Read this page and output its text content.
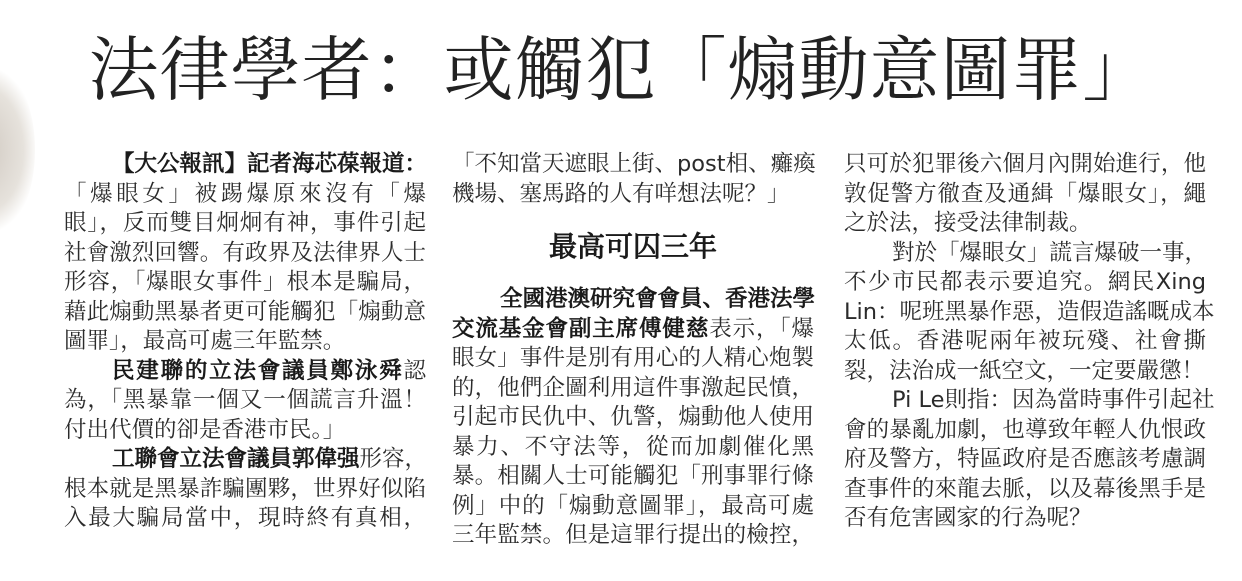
法律學者：或觸犯「煽動意圖罪」
【大公報訊】記者海芯葆報道：
「爆眼女」被踢爆原來沒有「爆
眼」，反而雙目炯炯有神，事件引起
社會激烈回響。有政界及法律界人士
形容，「爆眼女事件」根本是騙局，
藉此煽動黑暴者更可能觸犯「煽動意
圖罪」，最高可處三年監禁。
民建聯的立法會議員鄭泳舜認
為，「黑暴靠一個又一個謊言升溫！
付出代價的卻是香港市民。」
工聯會立法會議員郭偉强形容，
根本就是黑暴詐騙團夥，世界好似陷
入最大騙局當中，現時終有真相，
「不知當天遮眼上街、post相、癱瘓
機場、塞馬路的人有咩想法呢？」
最高可囚三年
全國港澳研究會會員、香港法學
交流基金會副主席傅健慈表示，「爆
眼女」事件是別有用心的人精心炮製
的，他們企圖利用這件事激起民憤，
引起市民仇中、仇警，煽動他人使用
暴力、不守法等，從而加劇催化黑
暴。相關人士可能觸犯「刑事罪行條
例」中的「煽動意圖罪」，最高可處
三年監禁。但是這罪行提出的檢控，
只可於犯罪後六個月內開始進行，他
敦促警方徹查及通緝「爆眼女」，繩
之於法，接受法律制裁。
對於「爆眼女」謊言爆破一事，
不少市民都表示要追究。網民Xing
Lin：呢班黑暴作惡，造假造謠嘅成本
太低。香港呢兩年被玩殘、社會撕
裂，法治成一紙空文，一定要嚴懲！
Pi Le則指：因為當時事件引起社
會的暴亂加劇，也導致年輕人仇恨政
府及警方，特區政府是否應該考慮調
查事件的來龍去脈，以及幕後黑手是
否有危害國家的行為呢？
